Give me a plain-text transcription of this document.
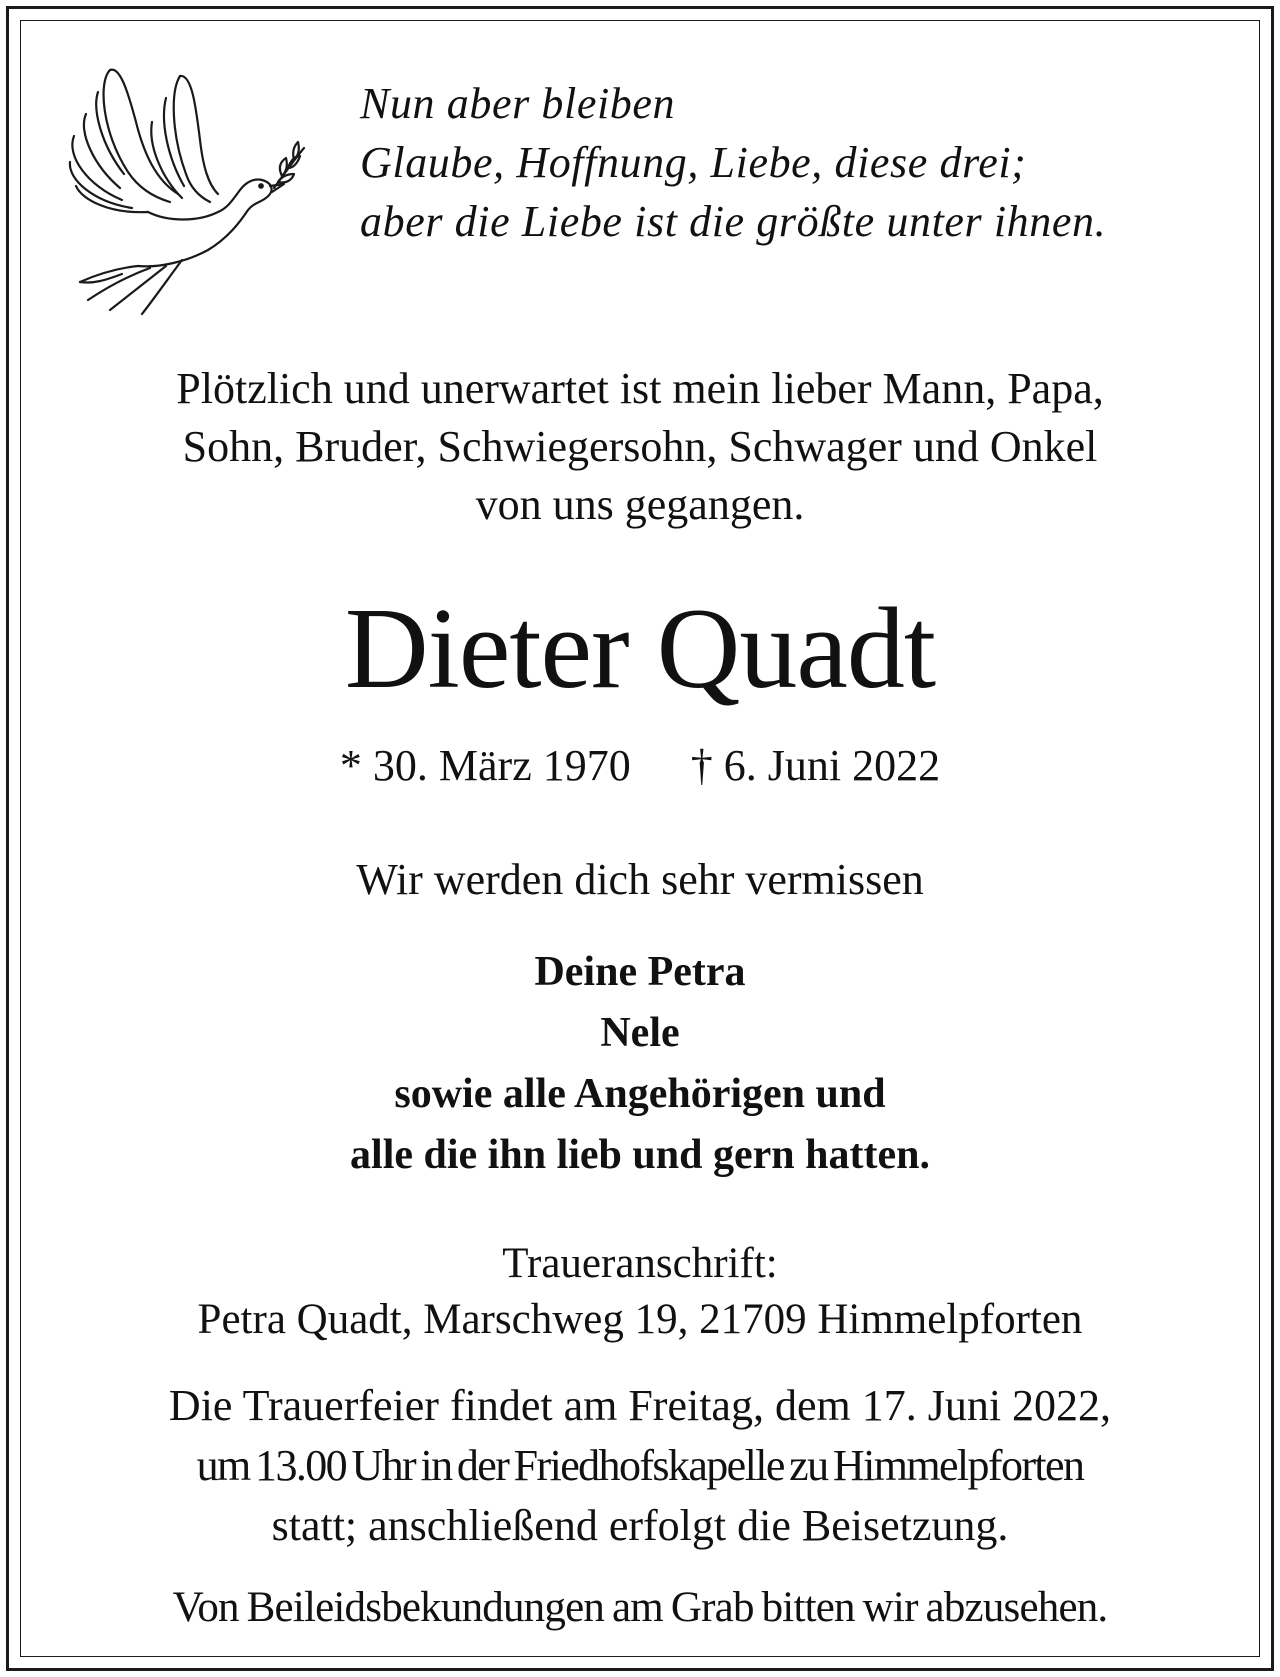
Nun aber bleiben
Glaube, Hoffnung, Liebe, diese drei;
aber die Liebe ist die größte unter ihnen.
Plötzlich und unerwartet ist mein lieber Mann, Papa,
Sohn, Bruder, Schwiegersohn, Schwager und Onkel
von uns gegangen.
Dieter Quadt
* 30. März 1970 † 6. Juni 2022
Wir werden dich sehr vermissen
Deine Petra
Nele
sowie alle Angehörigen und
alle die ihn lieb und gern hatten.
Traueranschrift:
Petra Quadt, Marschweg 19, 21709 Himmelpforten
Die Trauerfeier findet am Freitag, dem 17. Juni 2022,
um 13.00 Uhr in der Friedhofskapelle zu Himmelpforten
statt; anschließend erfolgt die Beisetzung.
Von Beileidsbekundungen am Grab bitten wir abzusehen.
